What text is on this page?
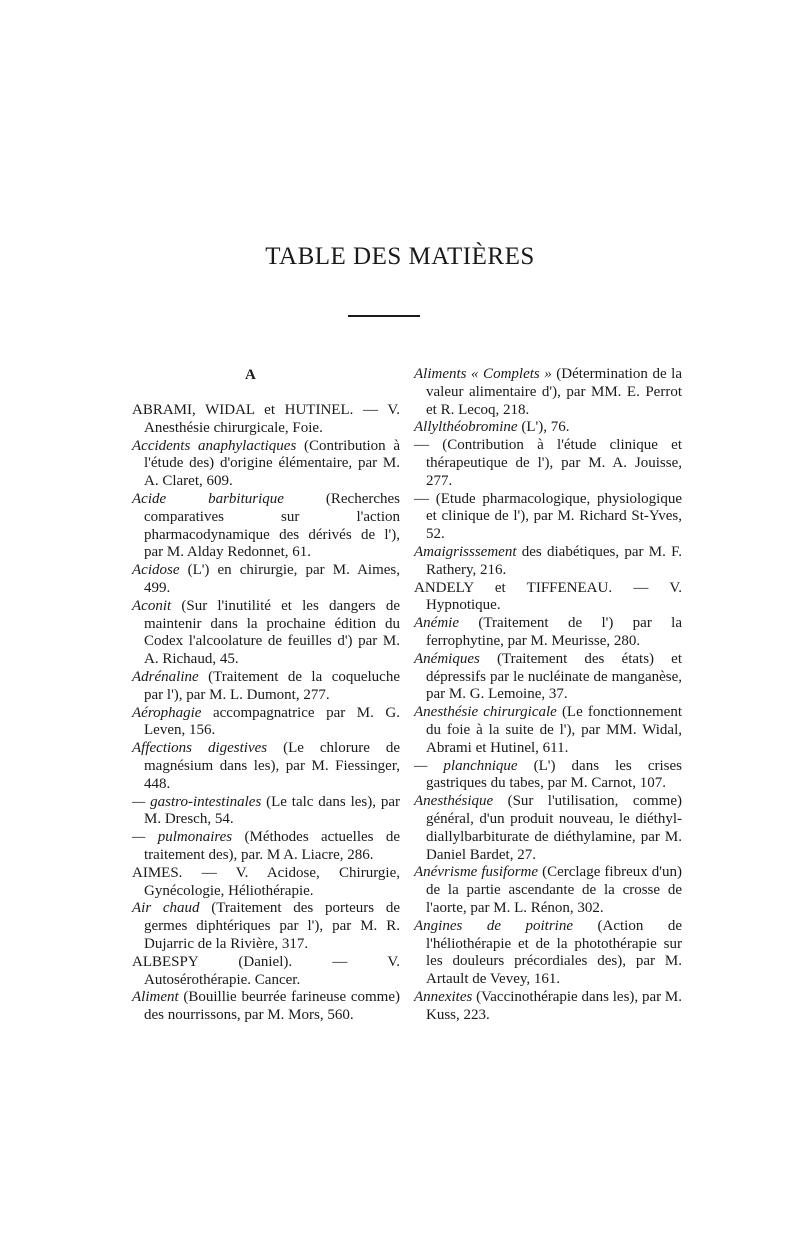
TABLE DES MATIÈRES
A

ABRAMI, WIDAL et HUTINEL. — V. Anesthésie chirurgicale, Foie.

Accidents anaphylactiques (Contribution à l'étude des) d'origine élémentaire, par M. A. Claret, 609.

Acide barbiturique (Recherches comparatives sur l'action pharmacodynamique des dérivés de l'), par M. Alday Redonnet, 61.

Acidose (L') en chirurgie, par M. Aimes, 499.

Aconit (Sur l'inutilité et les dangers de maintenir dans la prochaine édition du Codex l'alcoolature de feuilles d') par M. A. Richaud, 45.

Adrénaline (Traitement de la coqueluche par l'), par M. L. Dumont, 277.

Aérophagie accompagnatrice par M. G. Leven, 156.

Affections digestives (Le chlorure de magnésium dans les), par M. Fiessinger, 448.

— gastro-intestinales (Le talc dans les), par M. Dresch, 54.

— pulmonaires (Méthodes actuelles de traitement des), par. M A. Liacre, 286.

AIMES. — V. Acidose, Chirurgie, Gynécologie, Héliothérapie.

Air chaud (Traitement des porteurs de germes diphtériques par l'), par M. R. Dujarric de la Rivière, 317.

ALBESPY (Daniel). — V. Autosérothérapie. Cancer.

Aliment (Bouillie beurrée farineuse comme) des nourrissons, par M. Mors, 560.

Aliments « Complets » (Détermination de la valeur alimentaire d'), par MM. E. Perrot et R. Lecoq, 218.

Allylthéobromine (L'), 76.

— (Contribution à l'étude clinique et thérapeutique de l'), par M. A. Jouisse, 277.

— (Etude pharmacologique, physiologique et clinique de l'), par M. Richard St-Yves, 52.

Amaigrisssement des diabétiques, par M. F. Rathery, 216.

ANDELY et TIFFENEAU. — V. Hypnotique.

Anémie (Traitement de l') par la ferrophytine, par M. Meurisse, 280.

Anémiques (Traitement des états) et dépressifs par le nucléinate de manganèse, par M. G. Lemoine, 37.

Anesthésie chirurgicale (Le fonctionnement du foie à la suite de l'), par MM. Widal, Abrami et Hutinel, 611.

— planchnique (L') dans les crises gastriques du tabes, par M. Carnot, 107.

Anesthésique (Sur l'utilisation, comme) général, d'un produit nouveau, le diéthyl-diallylbarbiturate de diéthylamine, par M. Daniel Bardet, 27.

Anévrisme fusiforme (Cerclage fibreux d'un) de la partie ascendante de la crosse de l'aorte, par M. L. Rénon, 302.

Angines de poitrine (Action de l'héliothérapie et de la photothérapie sur les douleurs précordiales des), par M. Artault de Vevey, 161.

Annexites (Vaccinothérapie dans les), par M. Kuss, 223.
